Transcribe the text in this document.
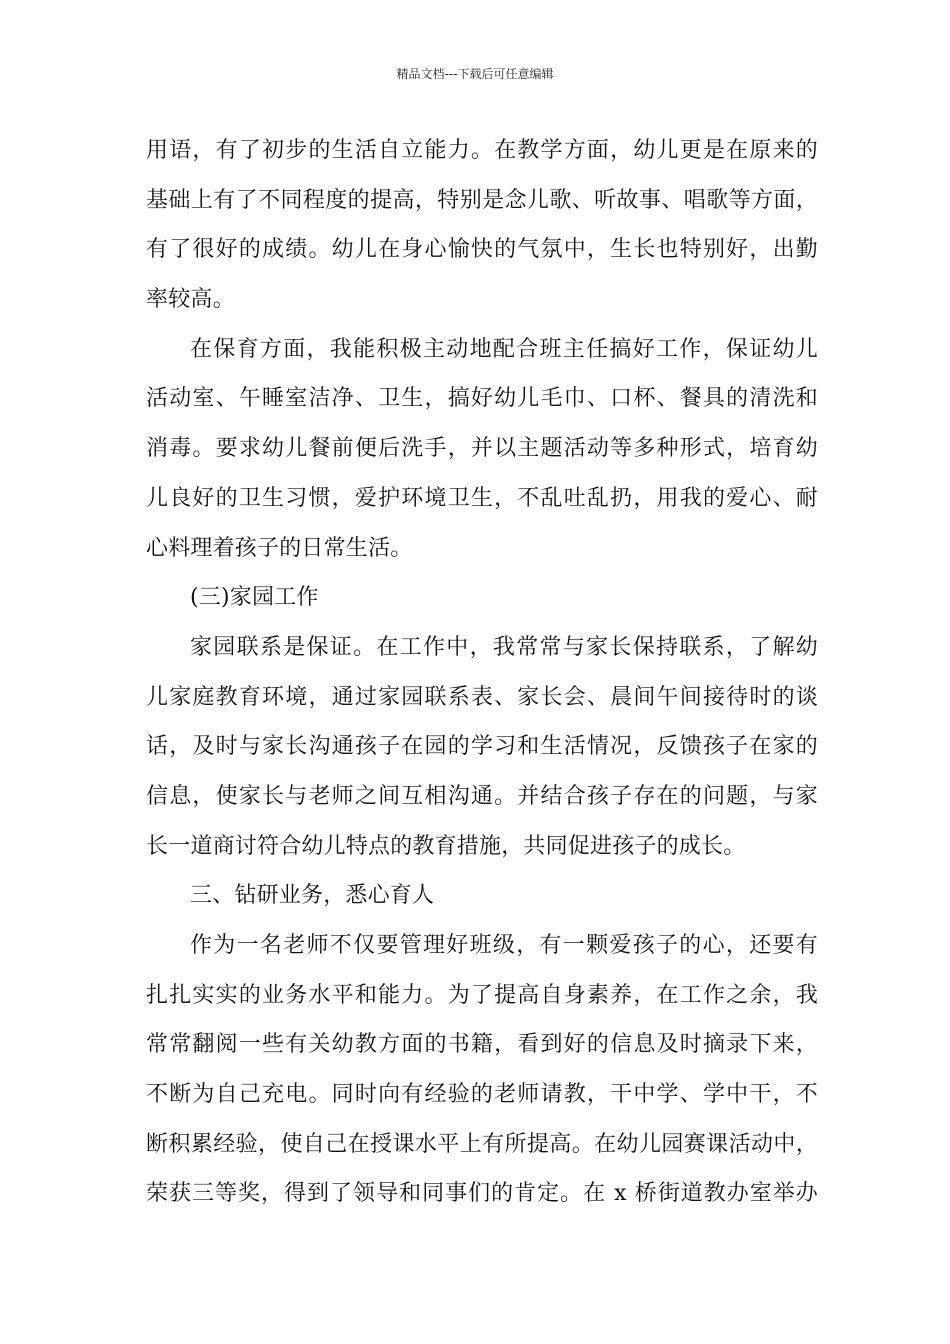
精品文档---下载后可任意编辑
用语，有了初步的生活自立能力。在教学方面，幼儿更是在原来的
基础上有了不同程度的提高，特别是念儿歌、听故事、唱歌等方面，
有了很好的成绩。幼儿在身心愉快的气氛中，生长也特别好，出勤
率较高。
在保育方面，我能积极主动地配合班主任搞好工作，保证幼儿
活动室、午睡室洁净、卫生，搞好幼儿毛巾、口杯、餐具的清洗和
消毒。要求幼儿餐前便后洗手，并以主题活动等多种形式，培育幼
儿良好的卫生习惯，爱护环境卫生，不乱吐乱扔，用我的爱心、耐
心料理着孩子的日常生活。
(三)家园工作
家园联系是保证。在工作中，我常常与家长保持联系，了解幼
儿家庭教育环境，通过家园联系表、家长会、晨间午间接待时的谈
话，及时与家长沟通孩子在园的学习和生活情况，反馈孩子在家的
信息，使家长与老师之间互相沟通。并结合孩子存在的问题，与家
长一道商讨符合幼儿特点的教育措施，共同促进孩子的成长。
三、钻研业务，悉心育人
作为一名老师不仅要管理好班级，有一颗爱孩子的心，还要有
扎扎实实的业务水平和能力。为了提高自身素养，在工作之余，我
常常翻阅一些有关幼教方面的书籍，看到好的信息及时摘录下来，
不断为自己充电。同时向有经验的老师请教，干中学、学中干，不
断积累经验，使自己在授课水平上有所提高。在幼儿园赛课活动中，
荣获三等奖，得到了领导和同事们的肯定。在 x 桥街道教办室举办
